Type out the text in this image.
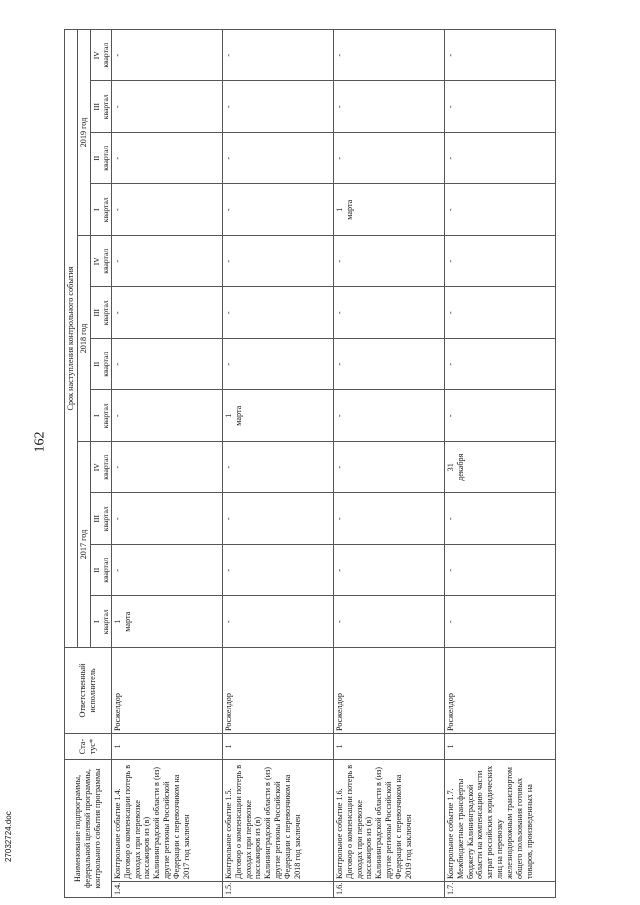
162
27032724.doc	Наименование подпрограммы, федеральной целевой программы, контрольного события программы		Ста- тус*	Ответственный исполнитель	Срок наступления контрольного события											
				2017 год				2018 год				2019 год			
				I
квартал	II
квартал	III
квартал	IV
квартал	I
квартал	II
квартал	III
квартал	IV
квартал	I
квартал	II
квартал	III
квартал	IV
квартал
1.4.	Контрольное событие 1.4. Договор о компенсации потерь в доходах при перевозке пассажиров из (в) Калининградской области в (из) другие регионы Российской Федерации с перевозчиком на 2017 год заключен	1	Росжелдор	1
марта	-	-	-	-	-	-	-	-	-	-	-
1.5.	Контрольное событие 1.5. Договор о компенсации потерь в доходах при перевозке пассажиров из (в) Калининградской области в (из) другие регионы Российской Федерации с перевозчиком на 2018 год заключен	1	Росжелдор	-	-	-	-	1
марта	-	-	-	-	-	-	-
1.6.	Контрольное событие 1.6. Договор о компенсации потерь в доходах при перевозке пассажиров из (в) Калининградской области в (из) другие регионы Российской Федерации с перевозчиком на 2019 год заключен	1	Росжелдор	-	-	-	-	-	-	-	-	1
марта	-	-	-
1.7.	Контрольное событие 1.7. Межбюджетные трансферты бюджету Калининградской области на компенсацию части затрат российских юридических лиц на перевозку железнодорожным транспортом общего пользования готовых товаров, произведенных на	1	Росжелдор	-	-	-	31
декабря	-	-	-	-	-	-	-	-
